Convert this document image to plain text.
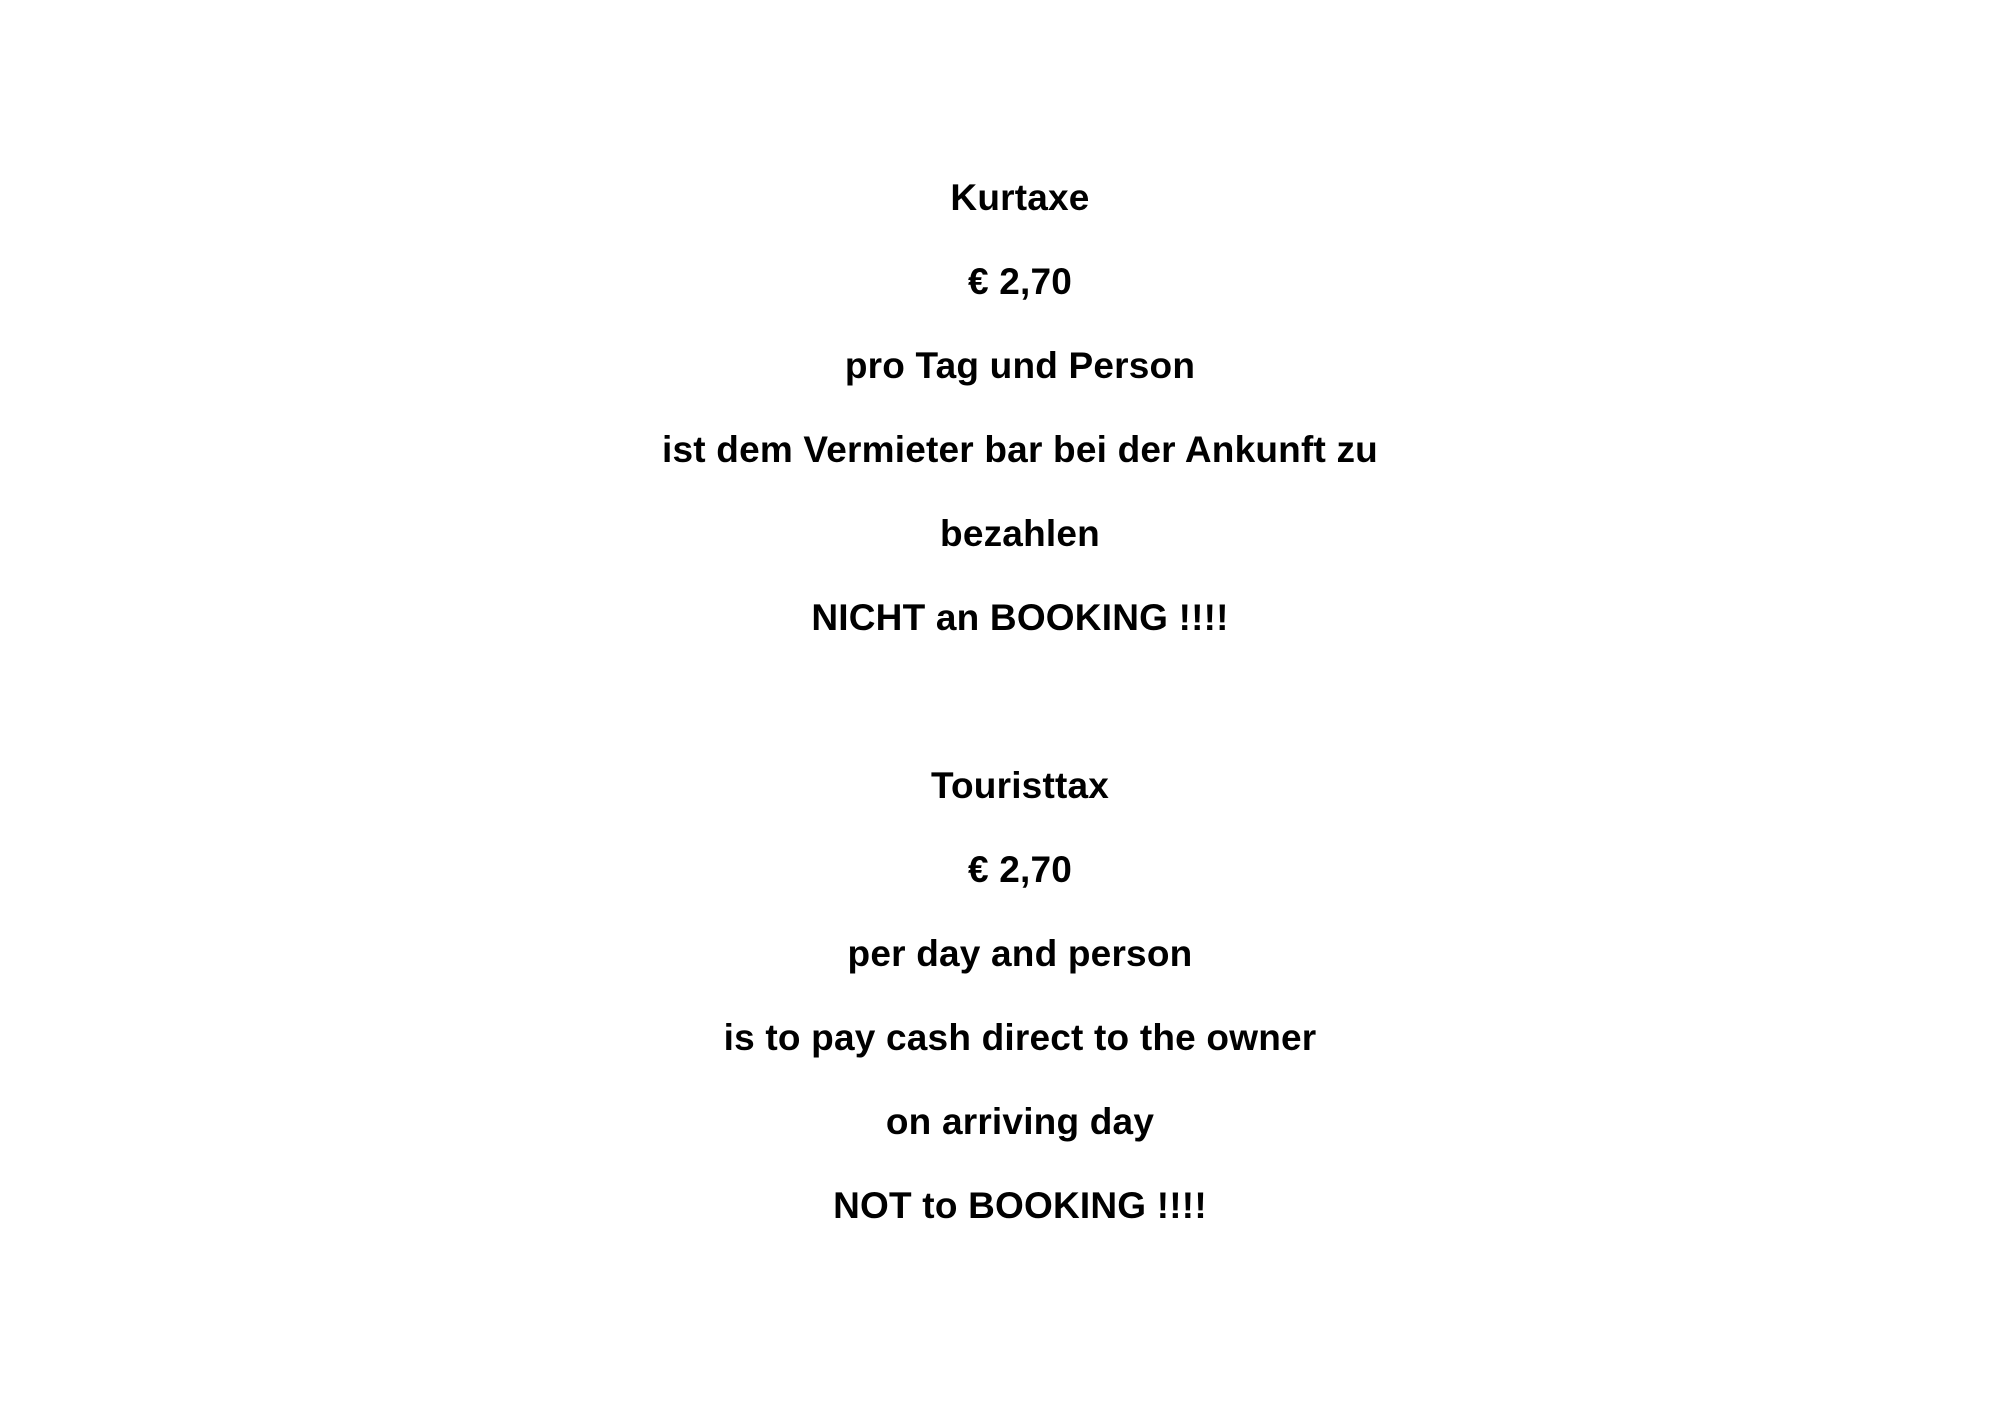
Kurtaxe
€ 2,70
pro Tag und Person
ist dem Vermieter bar bei der Ankunft zu
bezahlen
NICHT an BOOKING !!!!
Touristtax
€ 2,70
per day and person
is to pay cash direct to the owner
on arriving day
NOT to BOOKING !!!!
